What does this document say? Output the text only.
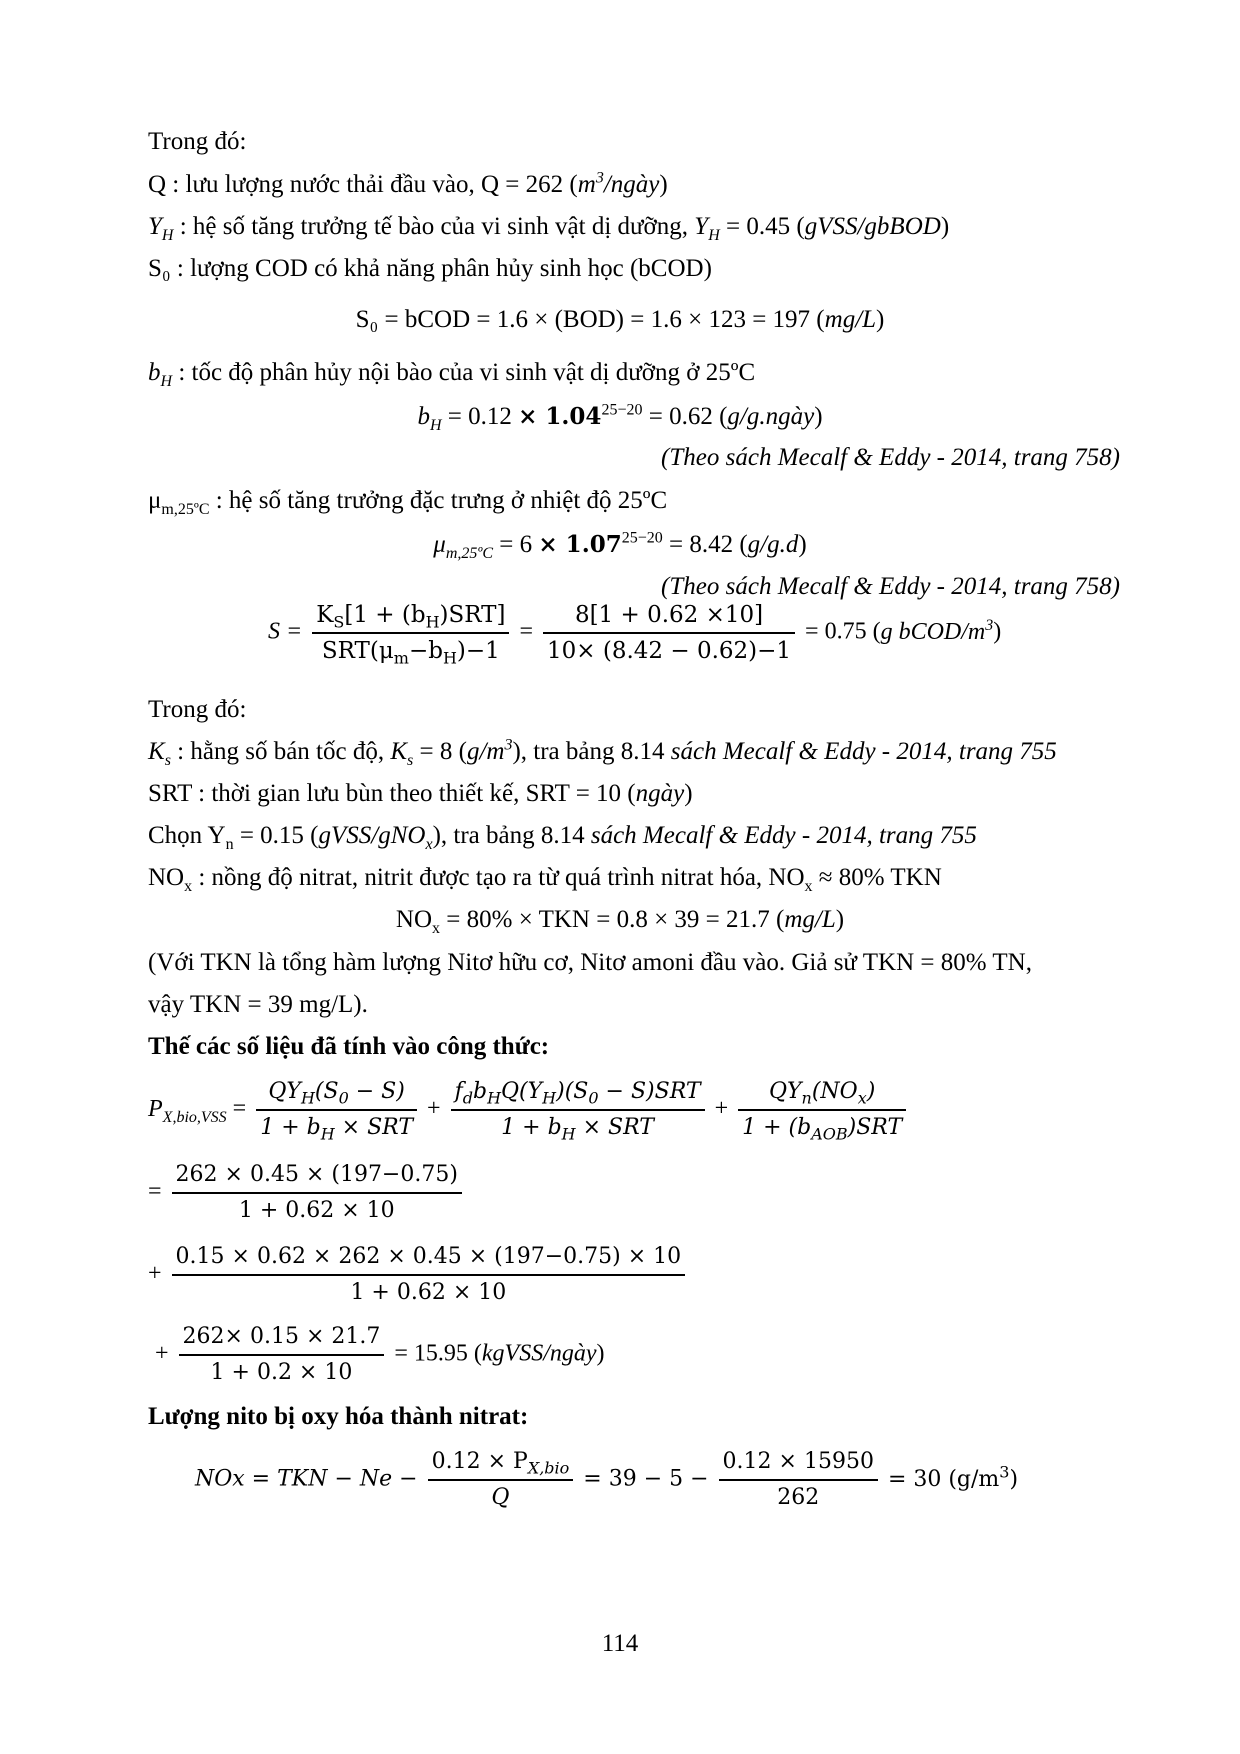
Trong đó:
Q : lưu lượng nước thải đầu vào, Q = 262 $(m^3/ngày)$
$Y_H$ : hệ số tăng trưởng tế bào của vi sinh vật dị dưỡng, $Y_H = 0.45$ (gVSS/gbBOD)
S₀ : lượng COD có khả năng phân hủy sinh học (bCOD)
S₀ = bCOD = 1.6 × (BOD) = 1.6 × 123 = 197 (mg/L)
$b_H$ : tốc độ phân hủy nội bào của vi sinh vật dị dưỡng ở 25ºC
$b_H = 0.12 \times 1.04^{25-20} = 0.62$ (g/g.ngày)
(Theo sách Mecalf & Eddy - 2014, trang 758)
$\mu_{m,25ºC}$ : hệ số tăng trưởng đặc trưng ở nhiệt độ 25ºC
$\mu_{m,25ºC} = 6 \times 1.07^{25-20} = 8.42$ (g/g.d)
(Theo sách Mecalf & Eddy - 2014, trang 758)
$S = \frac{K_S[1 + (b_H)SRT]}{SRT(\mu_m-b_H)-1} = \frac{8[1 + 0.62 \times 10]}{10\times (8.42 - 0.62)-1} = 0.75$ (g bCOD/$m^3$)
Trong đó:
$K_s$ : hằng số bán tốc độ, $K_s = 8$ $(g/m^3)$, tra bảng 8.14 sách Mecalf & Eddy - 2014, trang 755
SRT : thời gian lưu bùn theo thiết kế, SRT = 10 (ngày)
Chọn $Y_n = 0.15$ (gVSS/gNO$_x$), tra bảng 8.14 sách Mecalf & Eddy - 2014, trang 755
$NO_x$ : nồng độ nitrat, nitrit được tạo ra từ quá trình nitrat hóa, $NO_x \approx 80\%$ TKN
$NO_x = 80\%$ × TKN = 0.8 × 39 = 21.7 (mg/L)
(Với TKN là tổng hàm lượng Nitơ hữu cơ, Nitơ amoni đầu vào. Giả sử TKN = 80% TN,
vậy TKN = 39 mg/L).
Thế các số liệu đã tính vào công thức:
$P_{X,bio,VSS} = \frac{QY_H(S_0 - S)}{1 + b_H \times SRT} + \frac{f_db_HQ(Y_H)(S_0 - S)SRT}{1 + b_H \times SRT} + \frac{QY_n(NO_x)}{1 + (b_{AOB})SRT}$
= $\frac{262 \times 0.45 \times (197-0.75)}{1 + 0.62 \times 10}$
+ $\frac{0.15 \times 0.62 \times 262 \times 0.45 \times (197-0.75) \times 10}{1 + 0.62 \times 10}$
+ $\frac{262\times 0.15 \times 21.7}{1 + 0.2 \times 10} = 15.95$ (kgVSS/ngày)
Lượng nito bị oxy hóa thành nitrat:
NOx = TKN − $Ne - \frac{0.12 \times P_{X,bio}}{Q} = 39 - 5 - \frac{0.12 \times 15950}{262} = 30$ $(g/m^3)$
114
